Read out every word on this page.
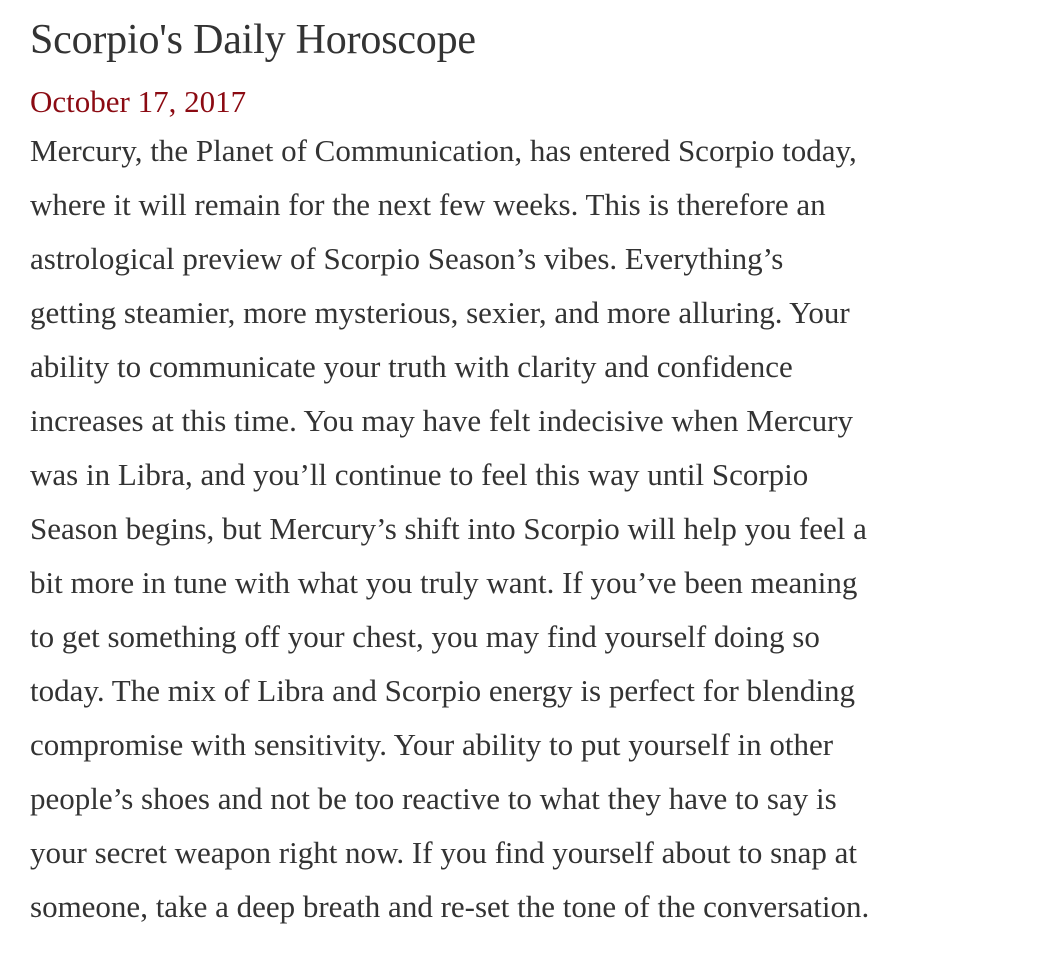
Scorpio's Daily Horoscope
October 17, 2017

Mercury, the Planet of Communication, has entered Scorpio today,
where it will remain for the next few weeks. This is therefore an
astrological preview of Scorpio Season’s vibes. Everything’s
getting steamier, more mysterious, sexier, and more alluring. Your
ability to communicate your truth with clarity and confidence
increases at this time. You may have felt indecisive when Mercury
was in Libra, and you’ll continue to feel this way until Scorpio
Season begins, but Mercury’s shift into Scorpio will help you feel a
bit more in tune with what you truly want. If you’ve been meaning
to get something off your chest, you may find yourself doing so
today. The mix of Libra and Scorpio energy is perfect for blending
compromise with sensitivity. Your ability to put yourself in other
people’s shoes and not be too reactive to what they have to say is
your secret weapon right now. If you find yourself about to snap at
someone, take a deep breath and re-set the tone of the conversation.
